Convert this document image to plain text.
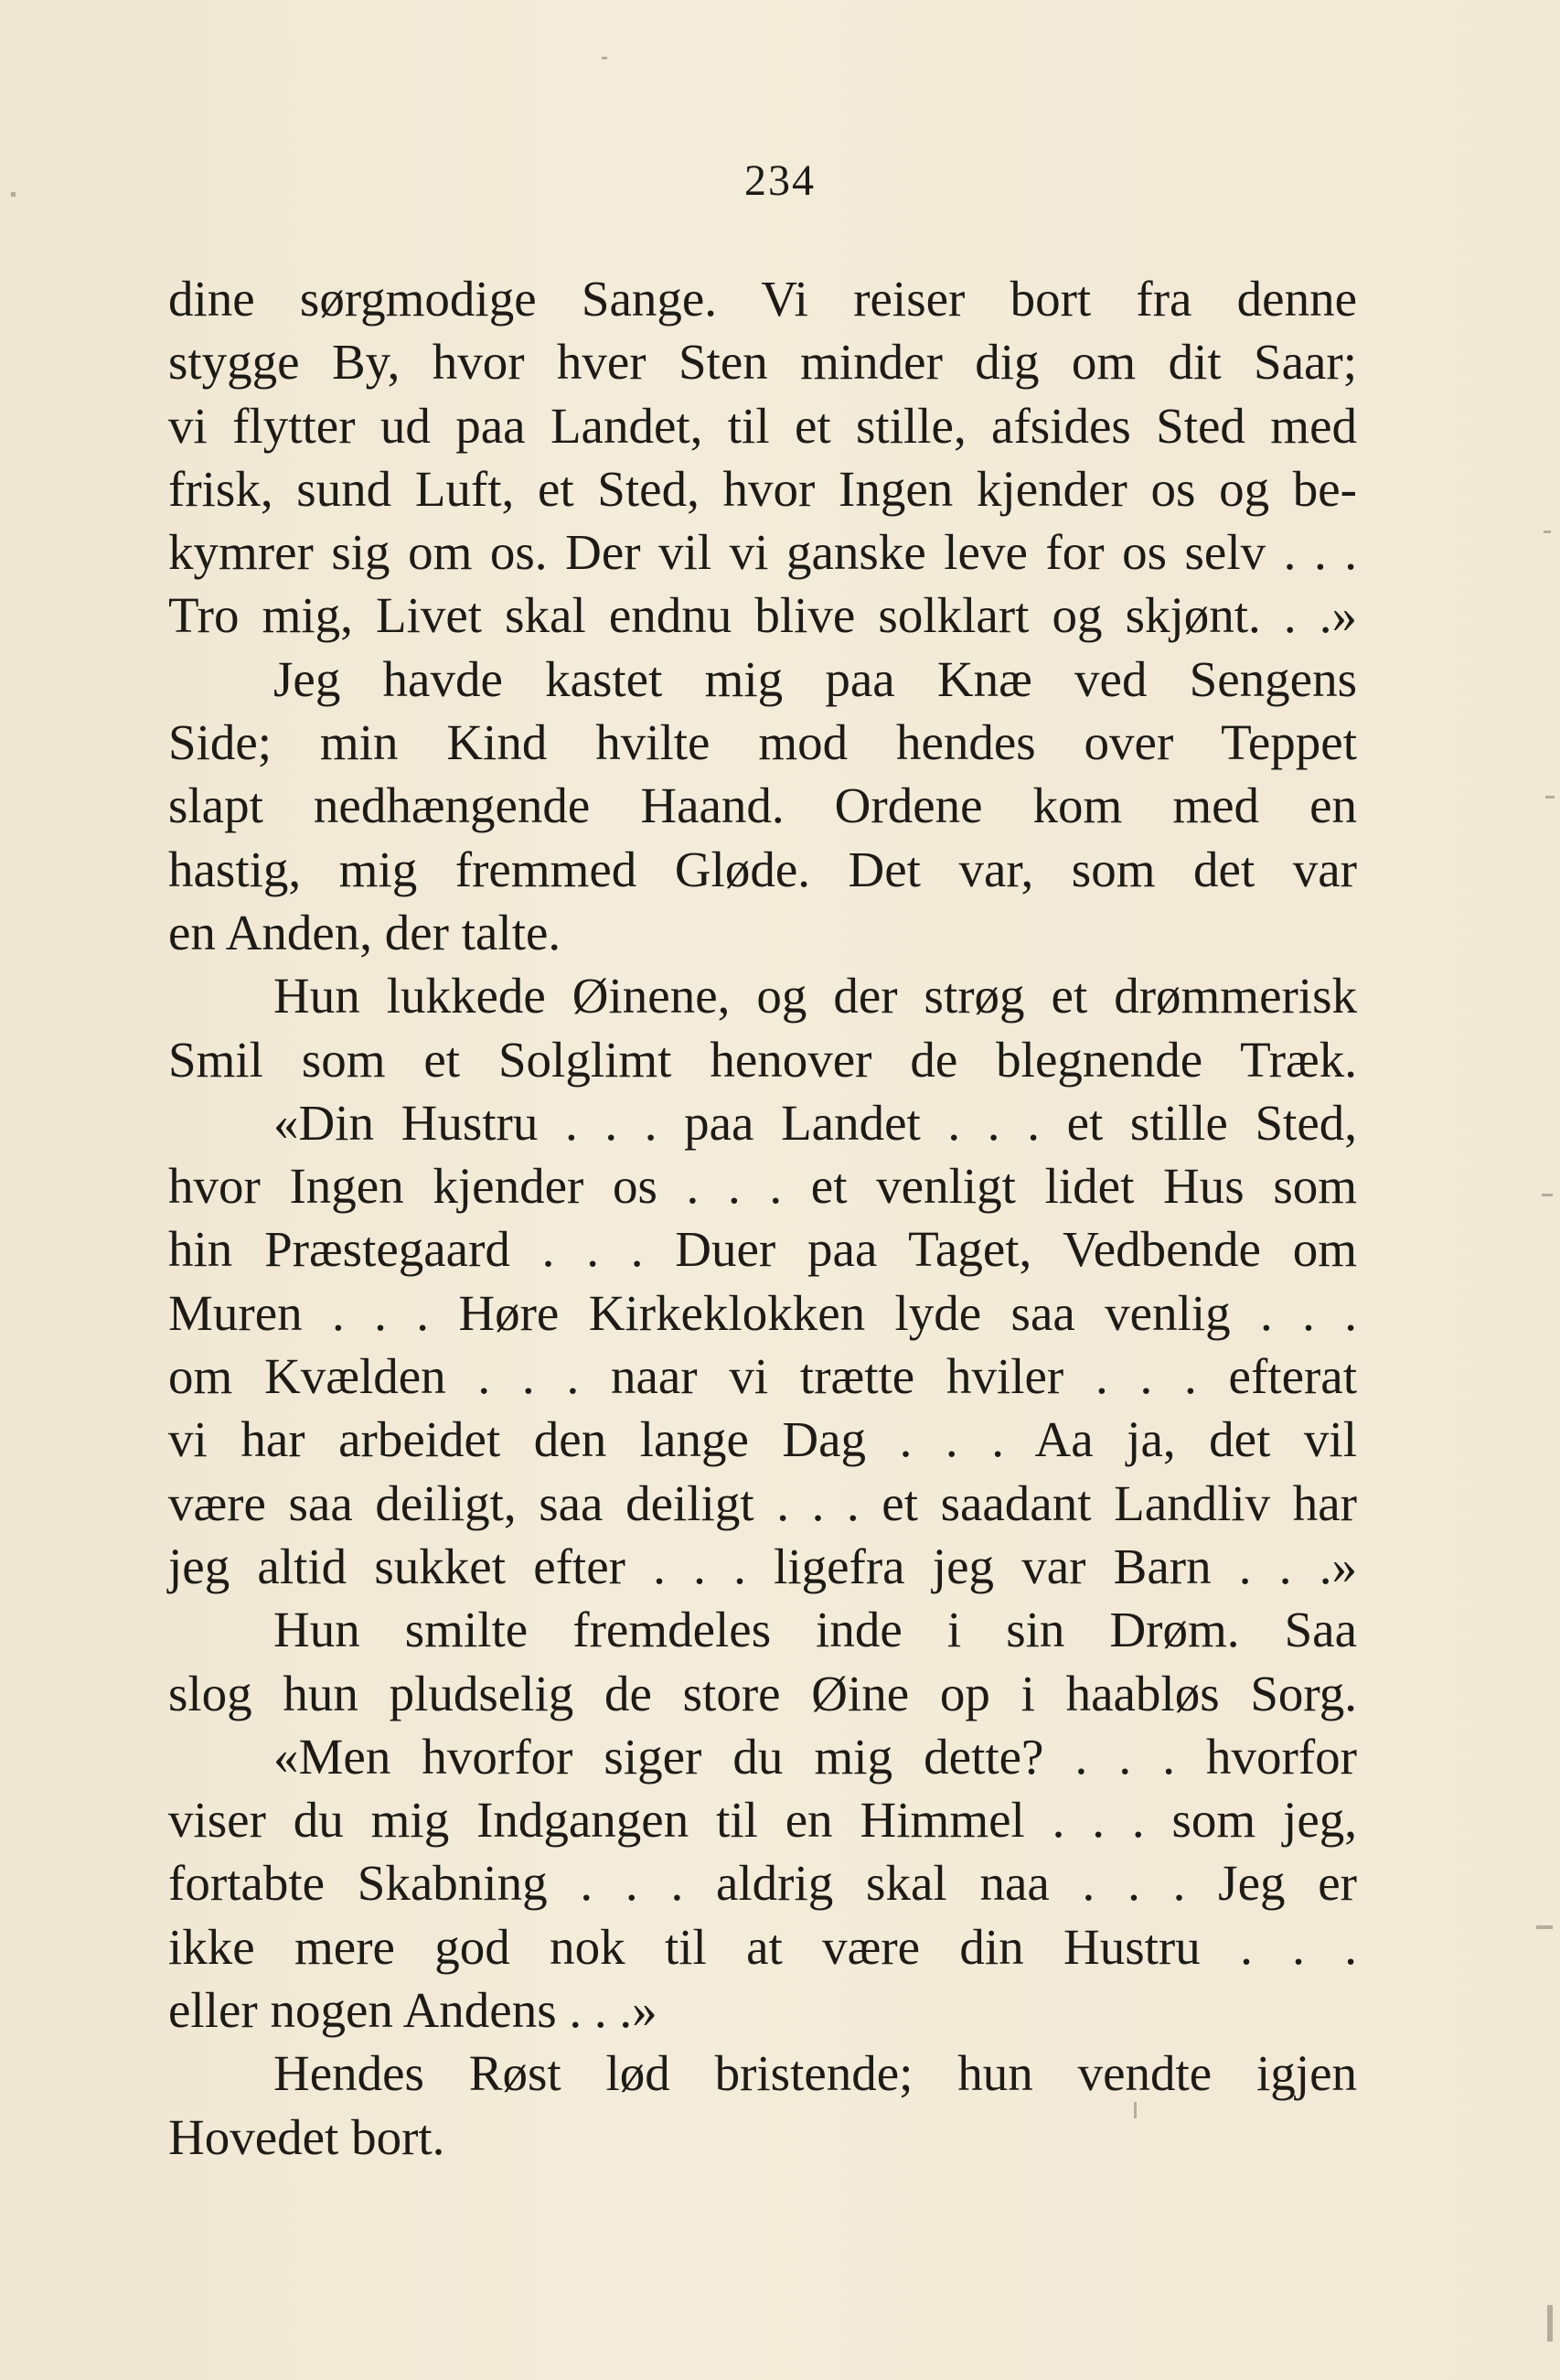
234
dine sørgmodige Sange. Vi reiser bort fra denne
stygge By, hvor hver Sten minder dig om dit Saar;
vi flytter ud paa Landet, til et stille, afsides Sted med
frisk, sund Luft, et Sted, hvor Ingen kjender os og be-
kymrer sig om os. Der vil vi ganske leve for os selv . . .
Tro mig, Livet skal endnu blive solklart og skjønt. . .»
Jeg havde kastet mig paa Knæ ved Sengens
Side; min Kind hvilte mod hendes over Teppet
slapt nedhængende Haand. Ordene kom med en
hastig, mig fremmed Gløde. Det var, som det var
en Anden, der talte.
Hun lukkede Øinene, og der strøg et drømmerisk
Smil som et Solglimt henover de blegnende Træk.
«Din Hustru . . . paa Landet . . . et stille Sted,
hvor Ingen kjender os . . . et venligt lidet Hus som
hin Præstegaard . . . Duer paa Taget, Vedbende om
Muren . . . Høre Kirkeklokken lyde saa venlig . . .
om Kvælden . . . naar vi trætte hviler . . . efterat
vi har arbeidet den lange Dag . . . Aa ja, det vil
være saa deiligt, saa deiligt . . . et saadant Landliv har
jeg altid sukket efter . . . ligefra jeg var Barn . . .»
Hun smilte fremdeles inde i sin Drøm. Saa
slog hun pludselig de store Øine op i haabløs Sorg.
«Men hvorfor siger du mig dette? . . . hvorfor
viser du mig Indgangen til en Himmel . . . som jeg,
fortabte Skabning . . . aldrig skal naa . . . Jeg er
ikke mere god nok til at være din Hustru . . .
eller nogen Andens . . .»
Hendes Røst lød bristende; hun vendte igjen
Hovedet bort.
